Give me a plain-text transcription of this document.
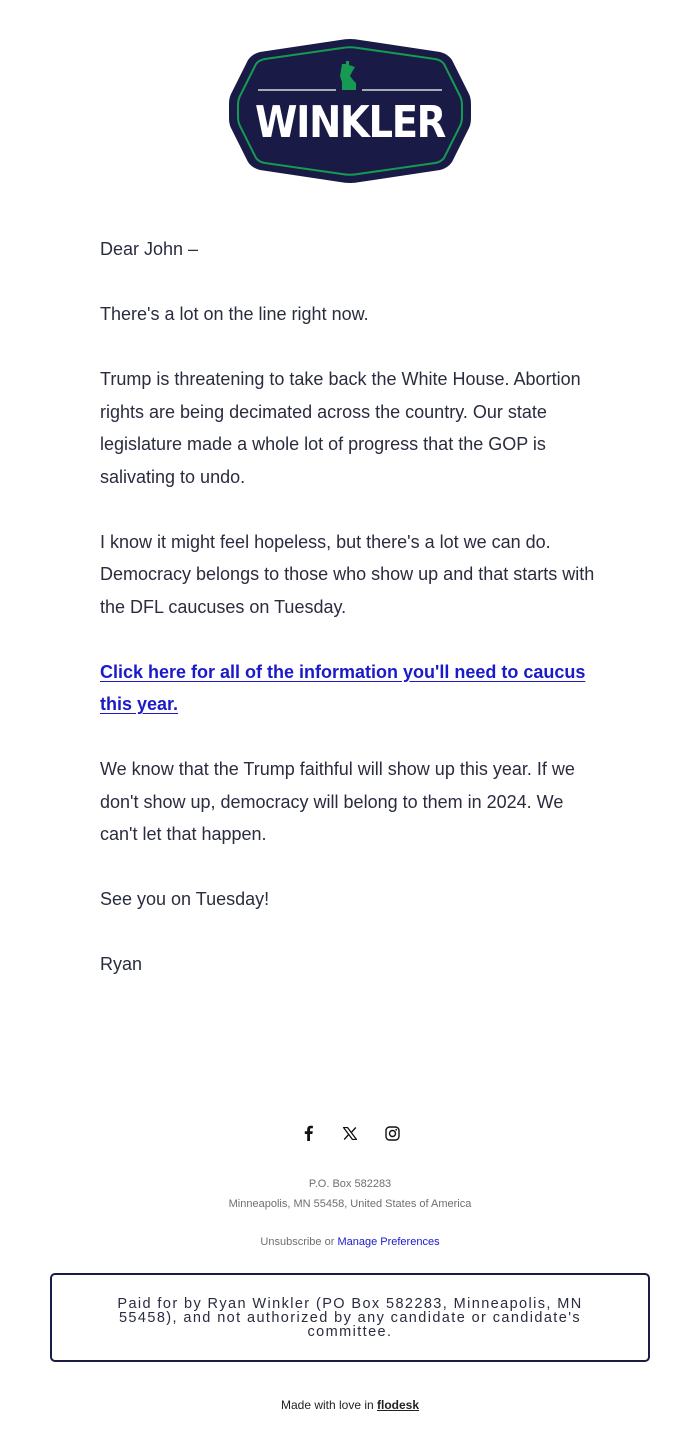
WINKLER

Dear John –

There's a lot on the line right now.

Trump is threatening to take back the White House. Abortion rights are being decimated across the country. Our state legislature made a whole lot of progress that the GOP is salivating to undo.

I know it might feel hopeless, but there's a lot we can do. Democracy belongs to those who show up and that starts with the DFL caucuses on Tuesday.

Click here for all of the information you'll need to caucus this year.

We know that the Trump faithful will show up this year. If we don't show up, democracy will belong to them in 2024. We can't let that happen.

See you on Tuesday!

Ryan

P.O. Box 582283
Minneapolis, MN 55458, United States of America
Unsubscribe or Manage Preferences
Paid for by Ryan Winkler (PO Box 582283, Minneapolis, MN 55458), and not authorized by any candidate or candidate's committee.
Made with love in flodesk
